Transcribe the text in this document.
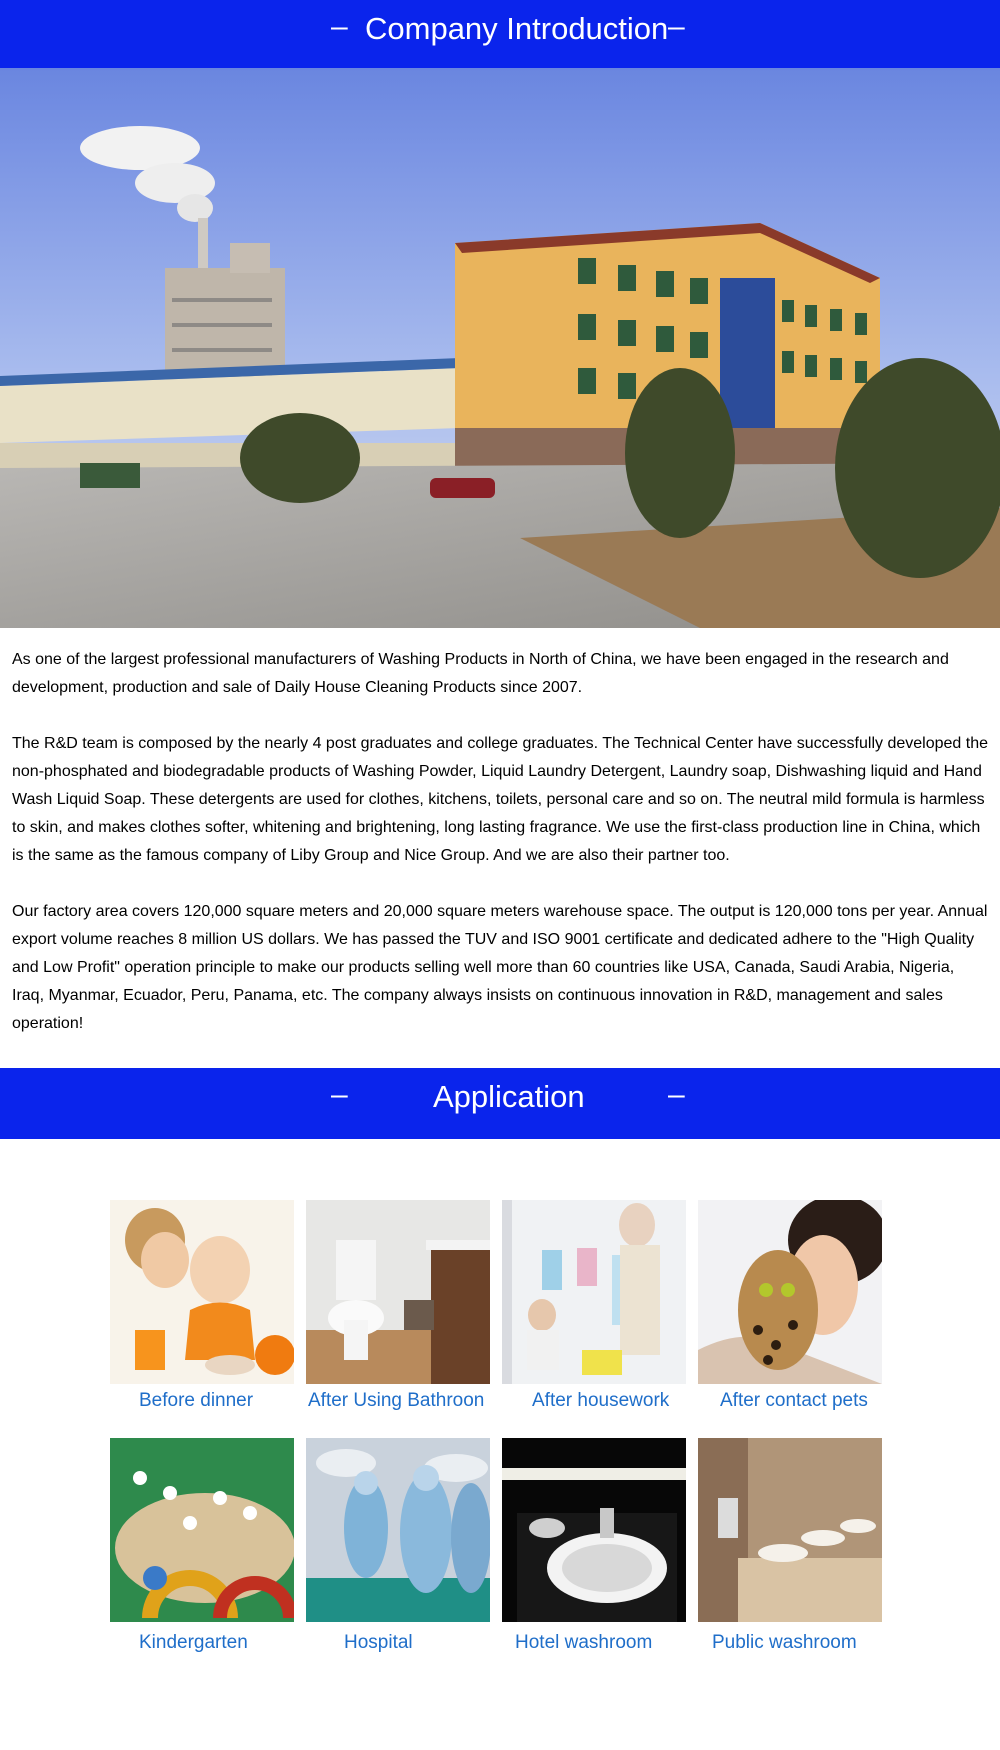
– Company Introduction –

As one of the largest professional manufacturers of Washing Products in North of China, we have been engaged in the research and development, production and sale of Daily House Cleaning Products since 2007.

The R&D team is composed by the nearly 4 post graduates and college graduates. The Technical Center have successfully developed the non-phosphated and biodegradable products of Washing Powder, Liquid Laundry Detergent, Laundry soap, Dishwashing liquid and Hand Wash Liquid Soap. These detergents are used for clothes, kitchens, toilets, personal care and so on. The neutral mild formula is harmless to skin, and makes clothes softer, whitening and brightening, long lasting fragrance. We use the first-class production line in China, which is the same as the famous company of Liby Group and Nice Group. And we are also their partner too.

Our factory area covers 120,000 square meters and 20,000 square meters warehouse space. The output is 120,000 tons per year. Annual export volume reaches 8 million US dollars. We has passed the TUV and ISO 9001 certificate and dedicated adhere to the "High Quality and Low Profit" operation principle to make our products selling well more than 60 countries like USA, Canada, Saudi Arabia, Nigeria, Iraq, Myanmar, Ecuador, Peru, Panama, etc. The company always insists on continuous innovation in R&D, management and sales operation!

–	Application	–
Before dinner	After Using Bathroon	After housework	After contact pets
Kindergarten	Hospital	Hotel washroom	Public washroom
